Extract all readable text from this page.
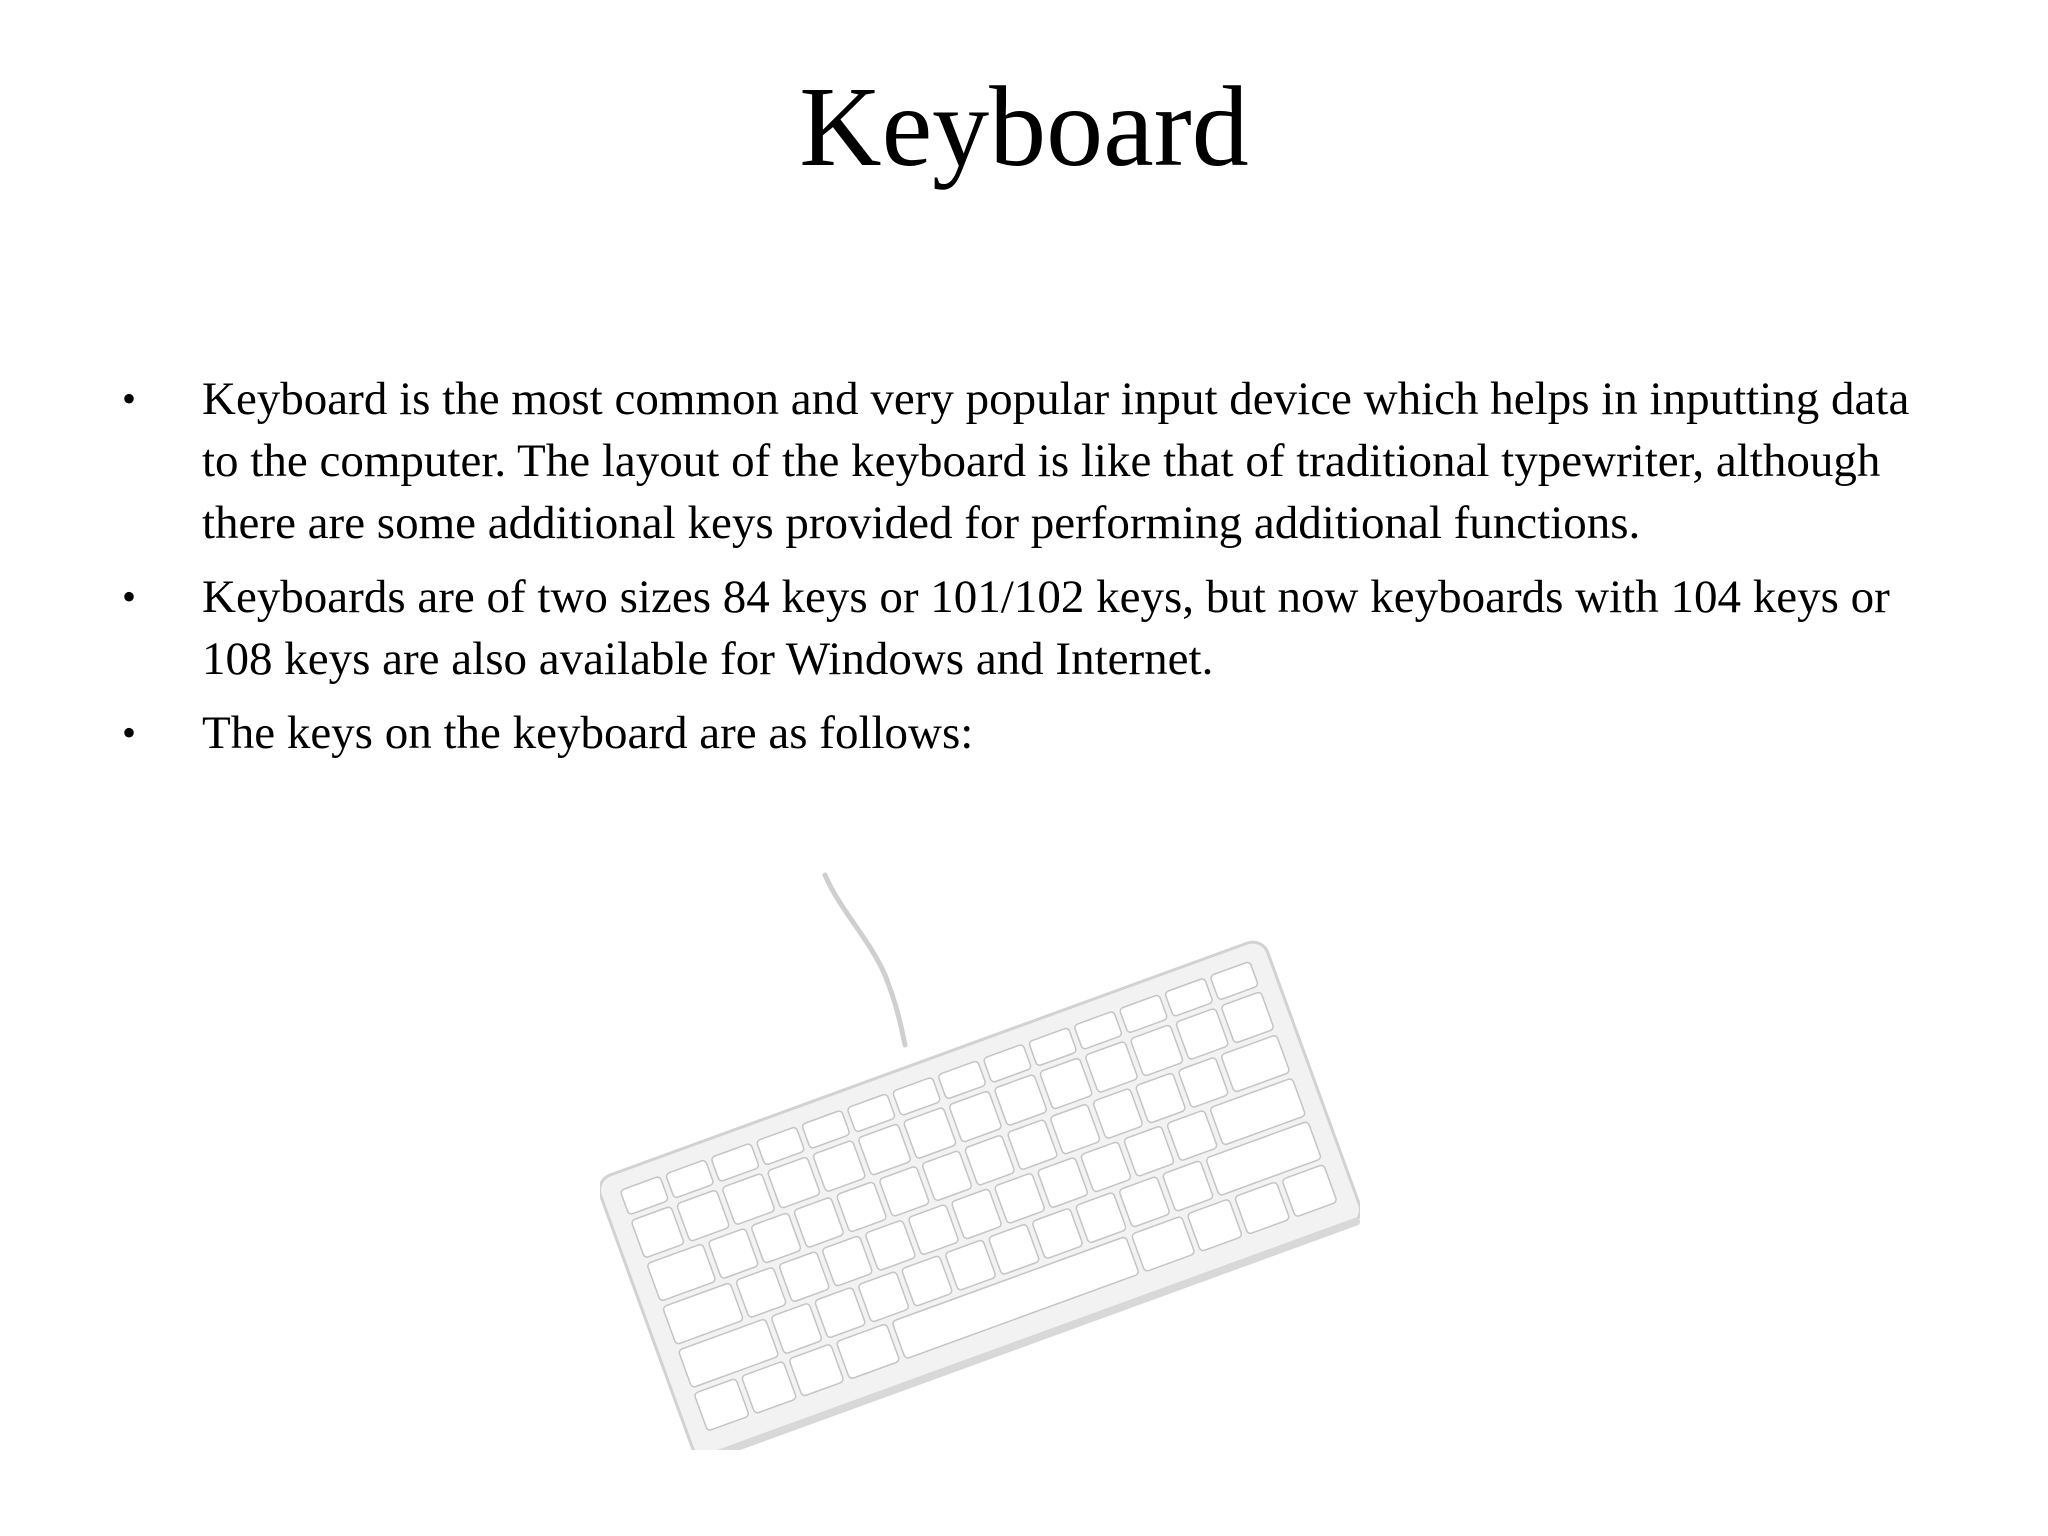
Keyboard
•	Keyboard is the most common and very popular input device which helps in inputting data to the computer. The layout of the keyboard is like that of traditional typewriter, although there are some additional keys provided for performing additional functions.
•	Keyboards are of two sizes 84 keys or 101/102 keys, but now keyboards with 104 keys or 108 keys are also available for Windows and Internet.
•	The keys on the keyboard are as follows:
